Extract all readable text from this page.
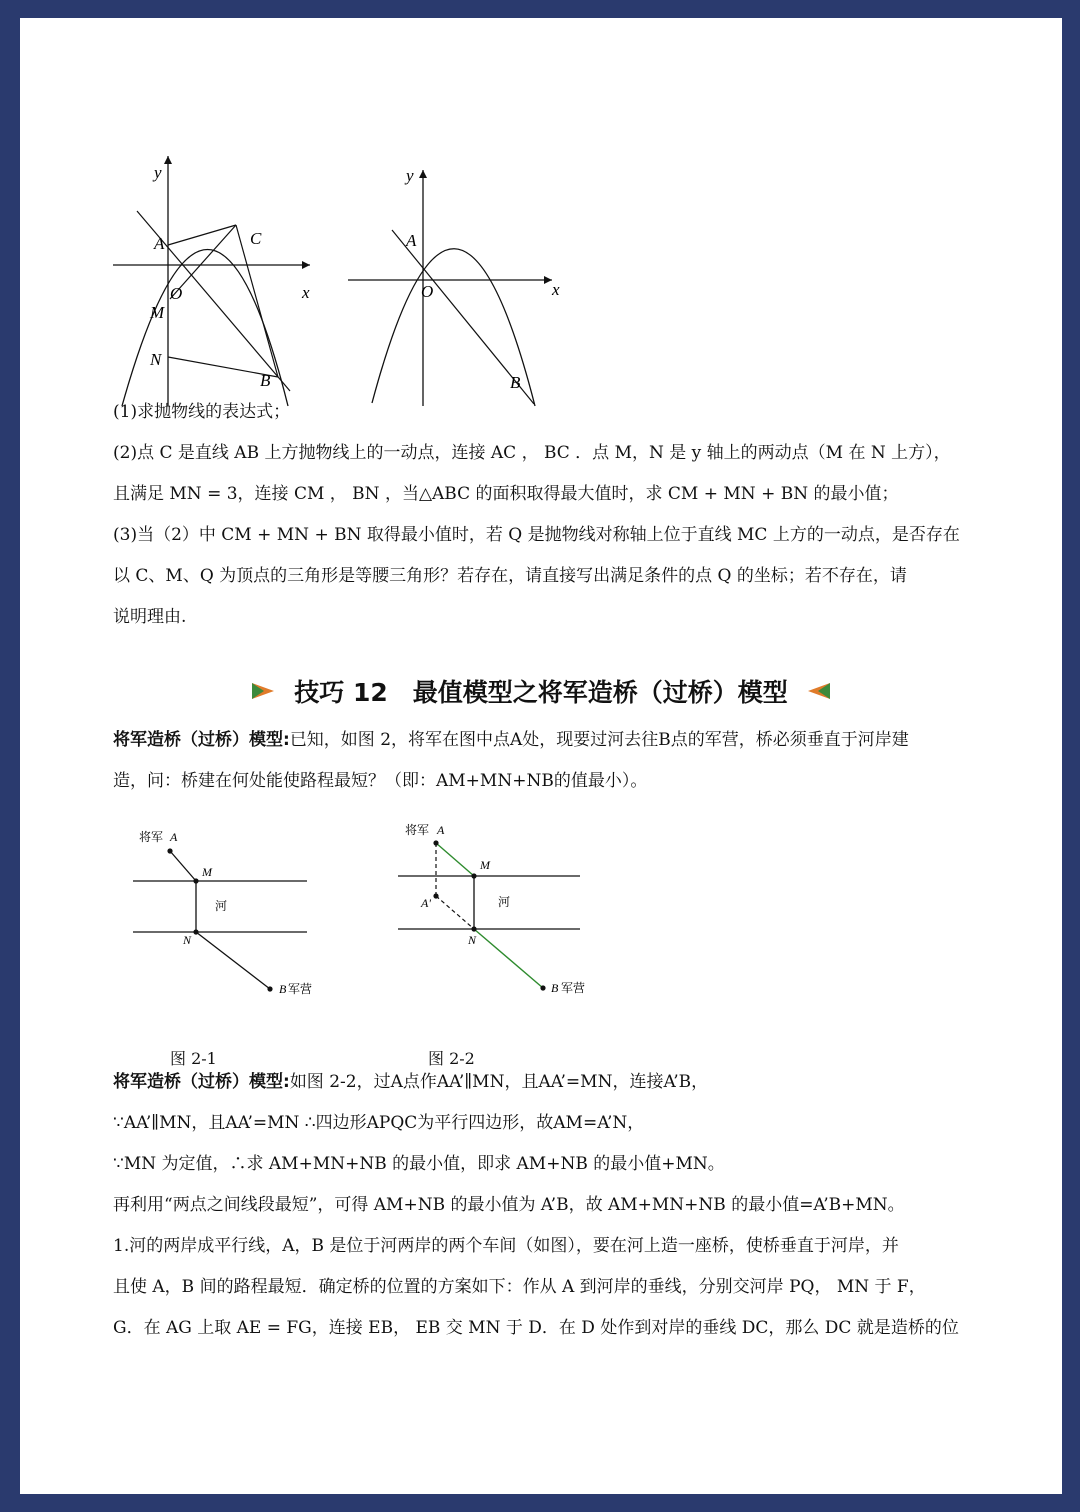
y
x
A	C
O
M
N
B
y
x
A
O
B
(1)求抛物线的表达式；
(2)点 C 是直线 AB 上方抛物线上的一动点，连接 AC ， BC ．点 M，N 是 y 轴上的两动点（M 在 N 上方），
且满足 MN = 3，连接 CM ， BN ，当△ABC 的面积取得最大值时，求 CM + MN + BN 的最小值；
(3)当（2）中 CM + MN + BN 取得最小值时，若 Q 是抛物线对称轴上位于直线 MC 上方的一动点，是否存在
以 C、M、Q 为顶点的三角形是等腰三角形？若存在，请直接写出满足条件的点 Q 的坐标；若不存在，请
说明理由.
技巧 12　最值模型之将军造桥（过桥）模型
将军造桥（过桥）模型:已知，如图 2，将军在图中点A处，现要过河去往B点的军营，桥必须垂直于河岸建
造，问：桥建在何处能使路程最短？（即：AM+MN+NB的值最小）。
将军 A
M
河
N
B 军营
将军 A
M
A'	河
N
B 军营
图 2-1	图 2-2
将军造桥（过桥）模型:如图 2-2，过A点作AA’∥MN，且AA’=MN，连接A’B，
∵AA’∥MN，且AA’=MN ∴四边形APQC为平行四边形，故AM=A’N，
∵MN 为定值，∴求 AM+MN+NB 的最小值，即求 AM+NB 的最小值+MN。
再利用“两点之间线段最短”，可得 AM+NB 的最小值为 A’B，故 AM+MN+NB 的最小值=A’B+MN。
1.河的两岸成平行线，A，B 是位于河两岸的两个车间（如图），要在河上造一座桥，使桥垂直于河岸，并
且使 A，B 间的路程最短．确定桥的位置的方案如下：作从 A 到河岸的垂线，分别交河岸 PQ， MN 于 F，
G．在 AG 上取 AE = FG，连接 EB， EB 交 MN 于 D．在 D 处作到对岸的垂线 DC，那么 DC 就是造桥的位
